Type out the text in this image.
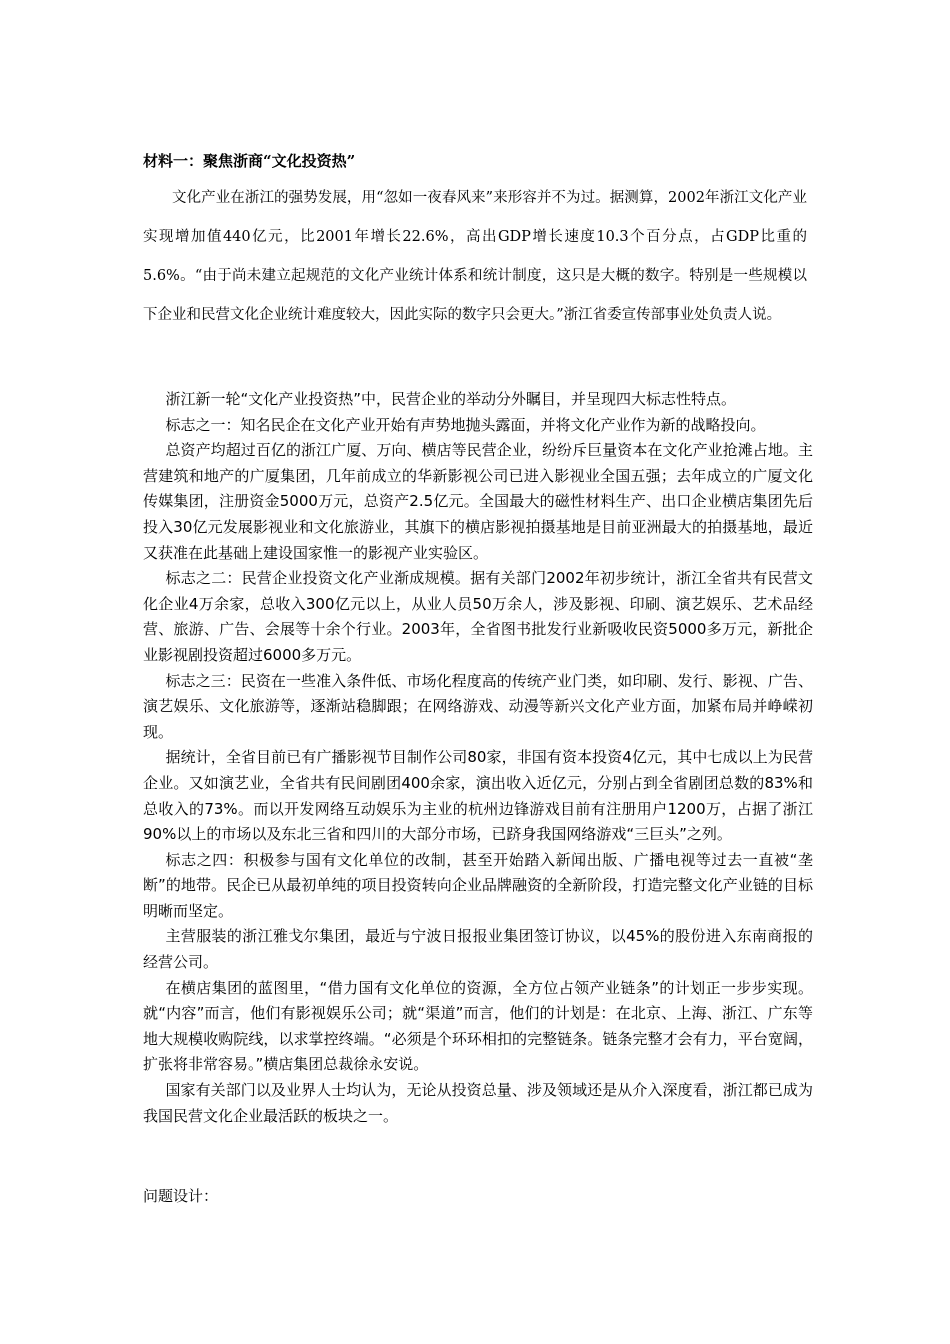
材料一：聚焦浙商“文化投资热”

文化产业在浙江的强势发展，用“忽如一夜春风来”来形容并不为过。据测算，2002年浙江文化产业实现增加值440亿元，比2001年增长22.6%，高出GDP增长速度10.3个百分点，占GDP比重的5.6%。“由于尚未建立起规范的文化产业统计体系和统计制度，这只是大概的数字。特别是一些规模以下企业和民营文化企业统计难度较大，因此实际的数字只会更大。”浙江省委宣传部事业处负责人说。

浙江新一轮“文化产业投资热”中，民营企业的举动分外瞩目，并呈现四大标志性特点。

标志之一：知名民企在文化产业开始有声势地抛头露面，并将文化产业作为新的战略投向。

总资产均超过百亿的浙江广厦、万向、横店等民营企业，纷纷斥巨量资本在文化产业抢滩占地。主营建筑和地产的广厦集团，几年前成立的华新影视公司已进入影视业全国五强；去年成立的广厦文化传媒集团，注册资金5000万元，总资产2.5亿元。全国最大的磁性材料生产、出口企业横店集团先后投入30亿元发展影视业和文化旅游业，其旗下的横店影视拍摄基地是目前亚洲最大的拍摄基地，最近又获准在此基础上建设国家惟一的影视产业实验区。

标志之二：民营企业投资文化产业渐成规模。据有关部门2002年初步统计，浙江全省共有民营文化企业4万余家，总收入300亿元以上，从业人员50万余人，涉及影视、印刷、演艺娱乐、艺术品经营、旅游、广告、会展等十余个行业。2003年，全省图书批发行业新吸收民资5000多万元，新批企业影视剧投资超过6000多万元。

标志之三：民资在一些准入条件低、市场化程度高的传统产业门类，如印刷、发行、影视、广告、演艺娱乐、文化旅游等，逐渐站稳脚跟；在网络游戏、动漫等新兴文化产业方面，加紧布局并峥嵘初现。

据统计，全省目前已有广播影视节目制作公司80家，非国有资本投资4亿元，其中七成以上为民营企业。又如演艺业，全省共有民间剧团400余家，演出收入近亿元，分别占到全省剧团总数的83%和总收入的73%。而以开发网络互动娱乐为主业的杭州边锋游戏目前有注册用户1200万，占据了浙江90%以上的市场以及东北三省和四川的大部分市场，已跻身我国网络游戏“三巨头”之列。

标志之四：积极参与国有文化单位的改制，甚至开始踏入新闻出版、广播电视等过去一直被“垄断”的地带。民企已从最初单纯的项目投资转向企业品牌融资的全新阶段，打造完整文化产业链的目标明晰而坚定。

主营服装的浙江雅戈尔集团，最近与宁波日报报业集团签订协议，以45%的股份进入东南商报的经营公司。

在横店集团的蓝图里，“借力国有文化单位的资源，全方位占领产业链条”的计划正一步步实现。就“内容”而言，他们有影视娱乐公司；就“渠道”而言，他们的计划是：在北京、上海、浙江、广东等地大规模收购院线，以求掌控终端。“必须是个环环相扣的完整链条。链条完整才会有力，平台宽阔，扩张将非常容易。”横店集团总裁徐永安说。

国家有关部门以及业界人士均认为，无论从投资总量、涉及领域还是从介入深度看，浙江都已成为我国民营文化企业最活跃的板块之一。

问题设计：
